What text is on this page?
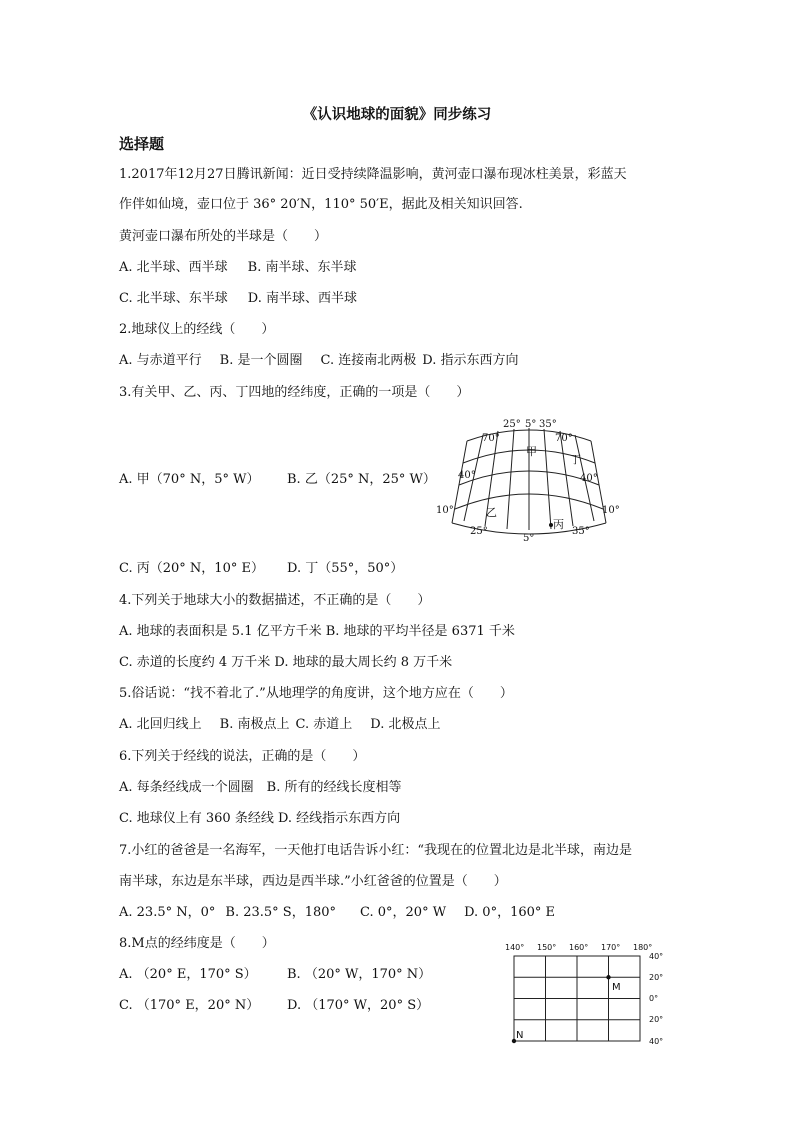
《认识地球的面貌》同步练习
选择题
1.2017年12月27日腾讯新闻：近日受持续降温影响，黄河壶口瀑布现冰柱美景，彩蓝天
作伴如仙境，壶口位于 36° 20′N，110° 50′E，据此及相关知识回答.
黄河壶口瀑布所处的半球是（　　）
A. 北半球、西半球 B. 南半球、东半球
C. 北半球、东半球 D. 南半球、西半球
2.地球仪上的经线（　　）
A. 与赤道平行 B. 是一个圆圈 C. 连接南北两极 D. 指示东西方向
3.有关甲、乙、丙、丁四地的经纬度，正确的一项是（　　）
A. 甲（70° N，5° W） B. 乙（25° N，25° W）
C. 丙（20° N，10° E） D. 丁（55°，50°）
25° 5° 35°
70°	70°
40°	40°
10°	10°
25°
5°
35°
甲
丁
乙
丙
4.下列关于地球大小的数据描述，不正确的是（　　）
A. 地球的表面积是 5.1 亿平方千米 B. 地球的平均半径是 6371 千米
C. 赤道的长度约 4 万千米 D. 地球的最大周长约 8 万千米
5.俗话说：“找不着北了.”从地理学的角度讲，这个地方应在（　　）
A. 北回归线上 B. 南极点上 C. 赤道上 D. 北极点上
6.下列关于经线的说法，正确的是（　　）
A. 每条经线成一个圆圈　B. 所有的经线长度相等
C. 地球仪上有 360 条经线 D. 经线指示东西方向
7.小红的爸爸是一名海军，一天他打电话告诉小红：“我现在的位置北边是北半球，南边是
南半球，东边是东半球，西边是西半球.”小红爸爸的位置是（　　）
A. 23.5° N，0° B. 23.5° S，180° C. 0°，20° W D. 0°，160° E
8.M点的经纬度是（　　）
A. （20° E，170° S） B. （20° W，170° N）
C. （170° E，20° N） D. （170° W，20° S）
140° 150° 160° 170° 180°
40°
20°
0°
20°
40°
M
N
